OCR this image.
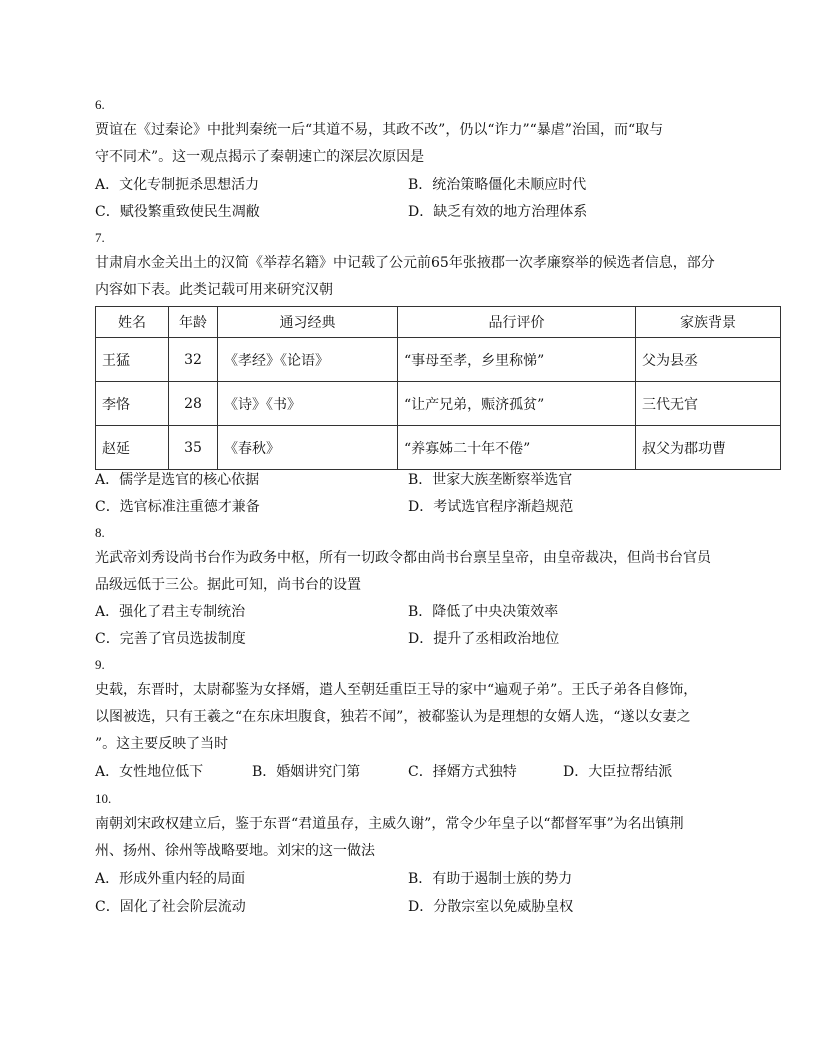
6.
贾谊在《过秦论》中批判秦统一后“其道不易，其政不改”，仍以“诈力”“暴虐”治国，而“取与
守不同术”。这一观点揭示了秦朝速亡的深层次原因是
A．文化专制扼杀思想活力	B．统治策略僵化未顺应时代
C．赋役繁重致使民生凋敝	D．缺乏有效的地方治理体系
7.
甘肃肩水金关出土的汉简《举荐名籍》中记载了公元前65年张掖郡一次孝廉察举的候选者信息，部分
内容如下表。此类记载可用来研究汉朝
姓名	年龄	通习经典	品行评价	家族背景
王猛	32	《孝经》《论语》	“事母至孝，乡里称悌”	父为县丞
李恪	28	《诗》《书》	“让产兄弟，赈济孤贫”	三代无官
赵延	35	《春秋》	“养寡姊二十年不倦”	叔父为郡功曹
A．儒学是选官的核心依据	B．世家大族垄断察举选官
C．选官标准注重德才兼备	D．考试选官程序渐趋规范
8.
光武帝刘秀设尚书台作为政务中枢，所有一切政令都由尚书台禀呈皇帝，由皇帝裁决，但尚书台官员
品级远低于三公。据此可知，尚书台的设置
A．强化了君主专制统治	B．降低了中央决策效率
C．完善了官员选拔制度	D．提升了丞相政治地位
9.
史载，东晋时，太尉郗鉴为女择婿，遣人至朝廷重臣王导的家中“遍观子弟”。王氏子弟各自修饰，
以图被选，只有王羲之“在东床坦腹食，独若不闻”，被郗鉴认为是理想的女婿人选，“遂以女妻之
”。这主要反映了当时
A．女性地位低下	B．婚姻讲究门第	C．择婿方式独特	D．大臣拉帮结派
10.
南朝刘宋政权建立后，鉴于东晋“君道虽存，主威久谢”，常令少年皇子以“都督军事”为名出镇荆
州、扬州、徐州等战略要地。刘宋的这一做法
A．形成外重内轻的局面	B．有助于遏制士族的势力
C．固化了社会阶层流动	D．分散宗室以免威胁皇权
